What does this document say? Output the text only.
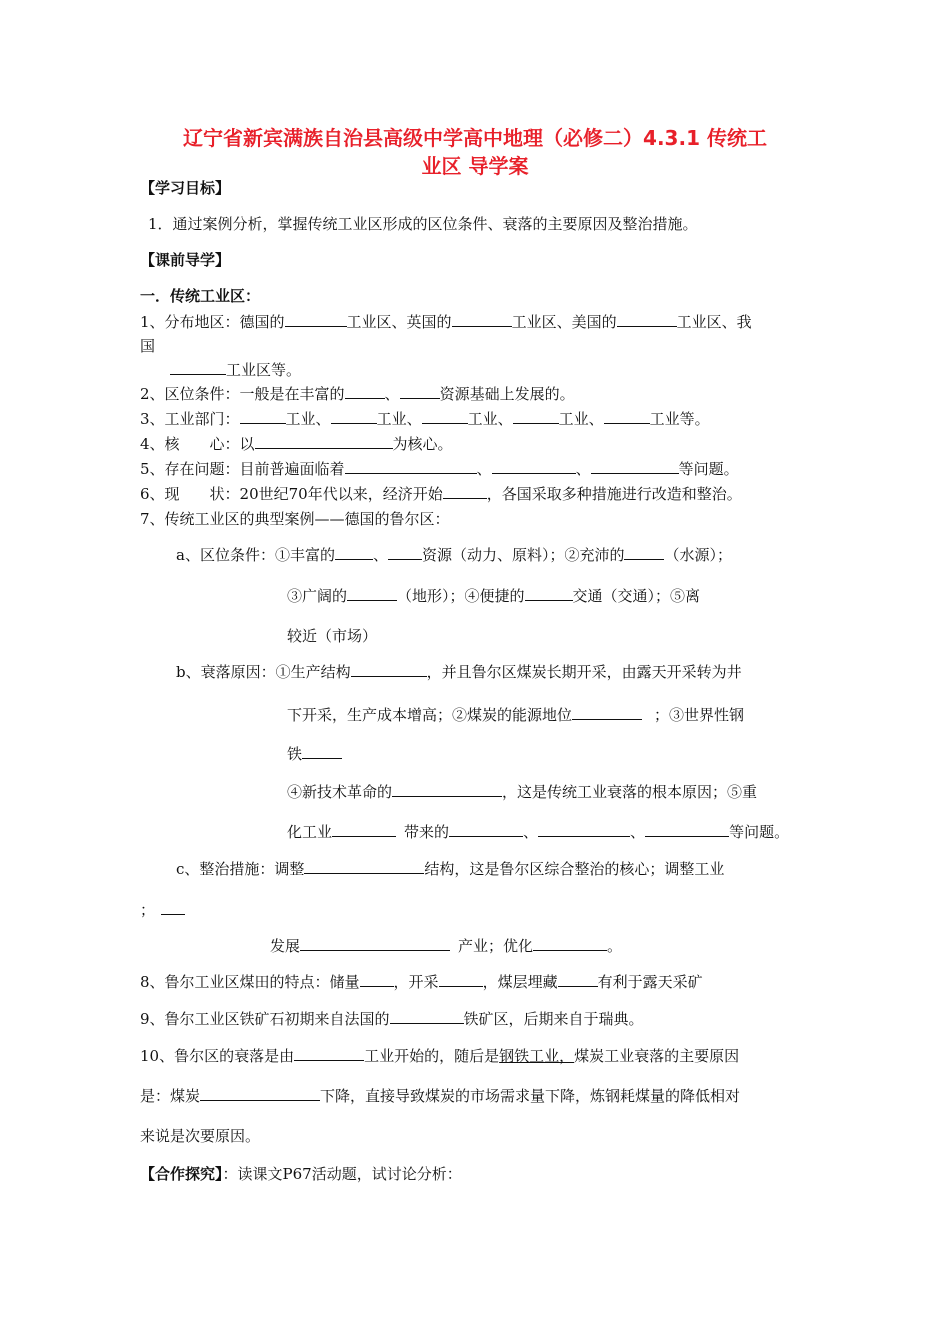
辽宁省新宾满族自治县高级中学高中地理（必修二）4.3.1 传统工
业区 导学案
【学习目标】
1．通过案例分析，掌握传统工业区形成的区位条件、衰落的主要原因及整治措施。
【课前导学】
一．传统工业区：
1、分布地区：德国的	工业区、英国的	工业区、美国的	工业区、我
国
工业区等。
2、区位条件：一般是在丰富的	、	资源基础上发展的。
3、工业部门：	工业、	工业、	工业、	工业、	工业等。
4、核　　心：以	为核心。
5、存在问题：目前普遍面临着	、	、	等问题。
6、现　　状：20世纪70年代以来，经济开始	，各国采取多种措施进行改造和整治。
7、传统工业区的典型案例——德国的鲁尔区：
a、区位条件：①丰富的	、 资源（动力、原料）；②充沛的	（水源）；
③广阔的	（地形）；④便捷的	交通（交通）；⑤离
较近（市场）
b、衰落原因：①生产结构	，并且鲁尔区煤炭长期开采，由露天开采转为井
下开采，生产成本增高；②煤炭的能源地位	；③世界性钢
铁
④新技术革命的	，这是传统工业衰落的根本原因；⑤重
化工业	带来的	、	、	等问题。
c、整治措施：调整	结构，这是鲁尔区综合整治的核心；调整工业
；
发展	产业；优化	。
8、鲁尔工业区煤田的特点：储量 ，开采	，煤层埋藏	有利于露天采矿
9、鲁尔工业区铁矿石初期来自法国的	铁矿区，后期来自于瑞典。
10、鲁尔区的衰落是由	工业开始的，随后是钢铁工业，煤炭工业衰落的主要原因
是：煤炭	下降，直接导致煤炭的市场需求量下降，炼钢耗煤量的降低相对
来说是次要原因。
【合作探究】：读课文P67活动题，试讨论分析：
